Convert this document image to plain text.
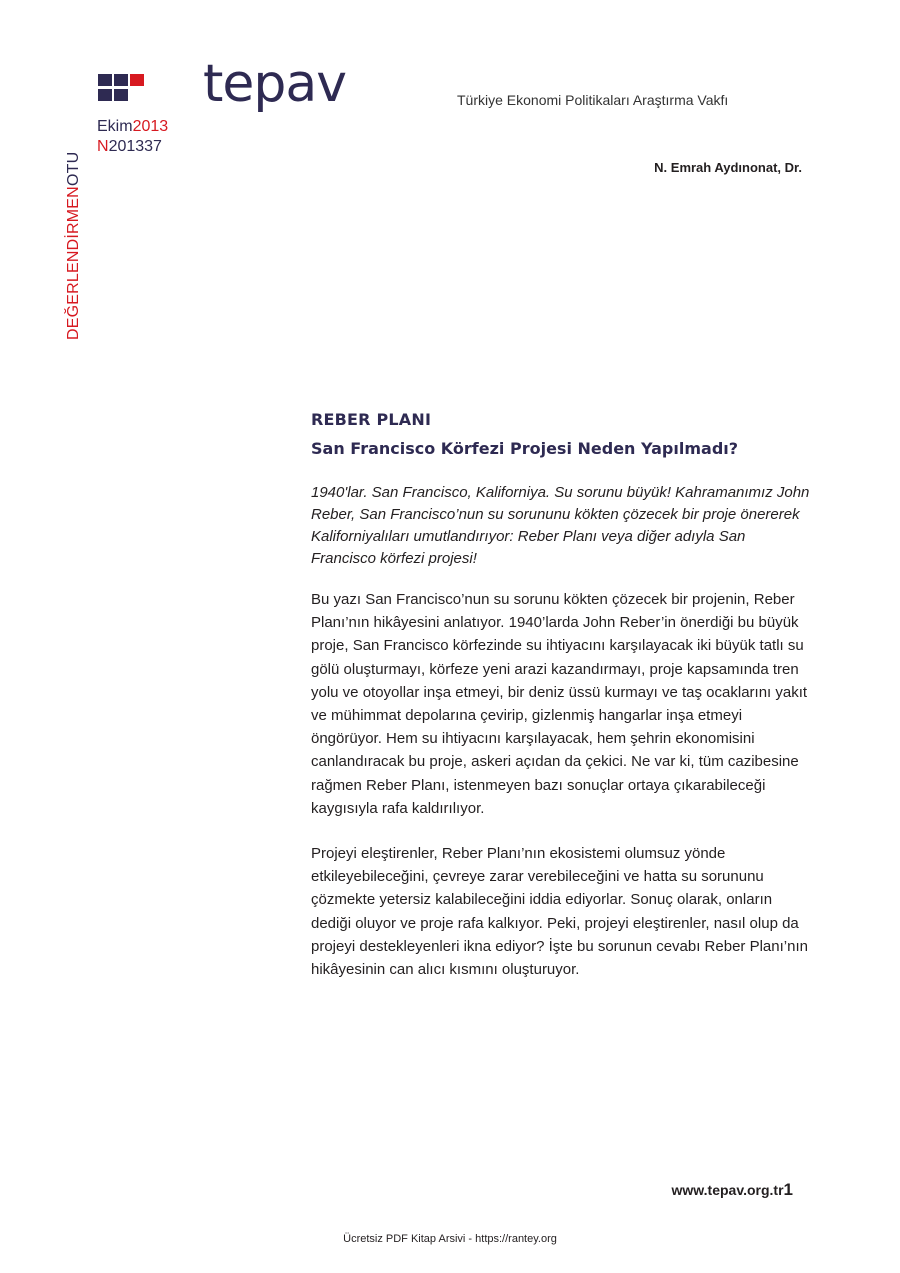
tepav	Türkiye Ekonomi Politikaları Araştırma Vakfı
Ekim2013
N201337
DEĞERLENDİRMENOTU	N. Emrah Aydınonat, Dr.
REBER PLANI
San Francisco Körfezi Projesi Neden Yapılmadı?

1940'lar. San Francisco, Kaliforniya. Su sorunu büyük! Kahramanımız John Reber, San Francisco’nun su sorununu kökten çözecek bir proje önererek Kaliforniyalıları umutlandırıyor: Reber Planı veya diğer adıyla San Francisco körfezi projesi!

Bu yazı San Francisco’nun su sorunu kökten çözecek bir projenin, Reber Planı’nın hikâyesini anlatıyor. 1940’larda John Reber’in önerdiği bu büyük proje, San Francisco körfezinde su ihtiyacını karşılayacak iki büyük tatlı su gölü oluşturmayı, körfeze yeni arazi kazandırmayı, proje kapsamında tren yolu ve otoyollar inşa etmeyi, bir deniz üssü kurmayı ve taş ocaklarını yakıt ve mühimmat depolarına çevirip, gizlenmiş hangarlar inşa etmeyi öngörüyor. Hem su ihtiyacını karşılayacak, hem şehrin ekonomisini canlandıracak bu proje, askeri açıdan da çekici. Ne var ki, tüm cazibesine rağmen Reber Planı, istenmeyen bazı sonuçlar ortaya çıkarabileceği kaygısıyla rafa kaldırılıyor.

Projeyi eleştirenler, Reber Planı’nın ekosistemi olumsuz yönde etkileyebileceğini, çevreye zarar verebileceğini ve hatta su sorununu çözmekte yetersiz kalabileceğini iddia ediyorlar. Sonuç olarak, onların dediği oluyor ve proje rafa kalkıyor. Peki, projeyi eleştirenler, nasıl olup da projeyi destekleyenleri ikna ediyor? İşte bu sorunun cevabı Reber Planı’nın hikâyesinin can alıcı kısmını oluşturuyor.

www.tepav.org.tr1
Ücretsiz PDF Kitap Arsivi - https://rantey.org
